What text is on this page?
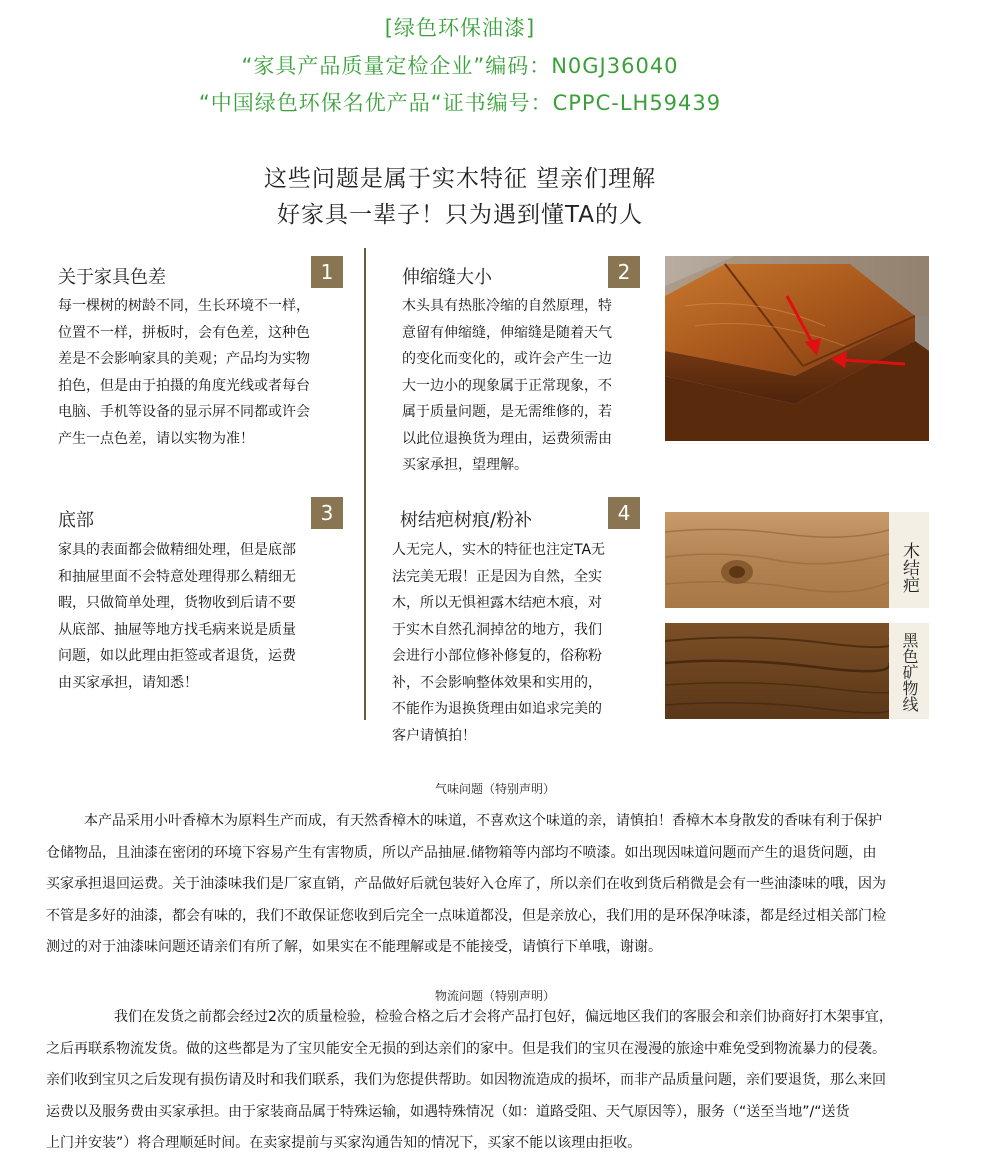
[绿色环保油漆]
“家具产品质量定检企业”编码：N0GJ36040
“中国绿色环保名优产品“证书编号：CPPC-LH59439
这些问题是属于实木特征 望亲们理解
好家具一辈子！只为遇到懂TA的人
关于家具色差	1
每一棵树的树龄不同，生长环境不一样，
位置不一样，拼板时，会有色差，这种色
差是不会影响家具的美观；产品均为实物
拍色，但是由于拍摄的角度光线或者每台
电脑、手机等设备的显示屏不同都或许会
产生一点色差，请以实物为准！
伸缩缝大小	2
木头具有热胀冷缩的自然原理，特
意留有伸缩缝，伸缩缝是随着天气
的变化而变化的，或许会产生一边
大一边小的现象属于正常现象，不
属于质量问题，是无需维修的，若
以此位退换货为理由，运费须需由
买家承担，望理解。
底部	3
家具的表面都会做精细处理，但是底部
和抽屉里面不会特意处理得那么精细无
暇，只做简单处理，货物收到后请不要
从底部、抽屉等地方找毛病来说是质量
问题，如以此理由拒签或者退货，运费
由买家承担，请知悉！
树结疤树痕/粉补	4
人无完人，实木的特征也注定TA无
法完美无瑕！正是因为自然，全实
木，所以无惧袒露木结疤木痕，对
于实木自然孔洞掉岔的地方，我们
会进行小部位修补修复的，俗称粉
补，不会影响整体效果和实用的，
不能作为退换货理由如追求完美的
客户请慎拍！
木结疤
黑色矿物线
气味问题（特别声明）
本产品采用小叶香樟木为原料生产而成，有天然香樟木的味道，不喜欢这个味道的亲，请慎拍！香樟木本身散发的香味有利于保护
仓储物品，且油漆在密闭的环境下容易产生有害物质，所以产品抽屉.储物箱等内部均不喷漆。如出现因味道问题而产生的退货问题，由
买家承担退回运费。关于油漆味我们是厂家直销，产品做好后就包装好入仓库了，所以亲们在收到货后稍微是会有一些油漆味的哦，因为
不管是多好的油漆，都会有味的，我们不敢保证您收到后完全一点味道都没，但是亲放心，我们用的是环保净味漆，都是经过相关部门检
测过的对于油漆味问题还请亲们有所了解，如果实在不能理解或是不能接受，请慎行下单哦，谢谢。
物流问题（特别声明）
我们在发货之前都会经过2次的质量检验，检验合格之后才会将产品打包好，偏远地区我们的客服会和亲们协商好打木架事宜，
之后再联系物流发货。做的这些都是为了宝贝能安全无损的到达亲们的家中。但是我们的宝贝在漫漫的旅途中难免受到物流暴力的侵袭。
亲们收到宝贝之后发现有损伤请及时和我们联系，我们为您提供帮助。如因物流造成的损坏，而非产品质量问题，亲们要退货，那么来回
运费以及服务费由买家承担。由于家装商品属于特殊运输，如遇特殊情况（如：道路受阻、天气原因等），服务（“送至当地”/“送货
上门并安装”）将合理顺延时间。在卖家提前与买家沟通告知的情况下，买家不能以该理由拒收。
